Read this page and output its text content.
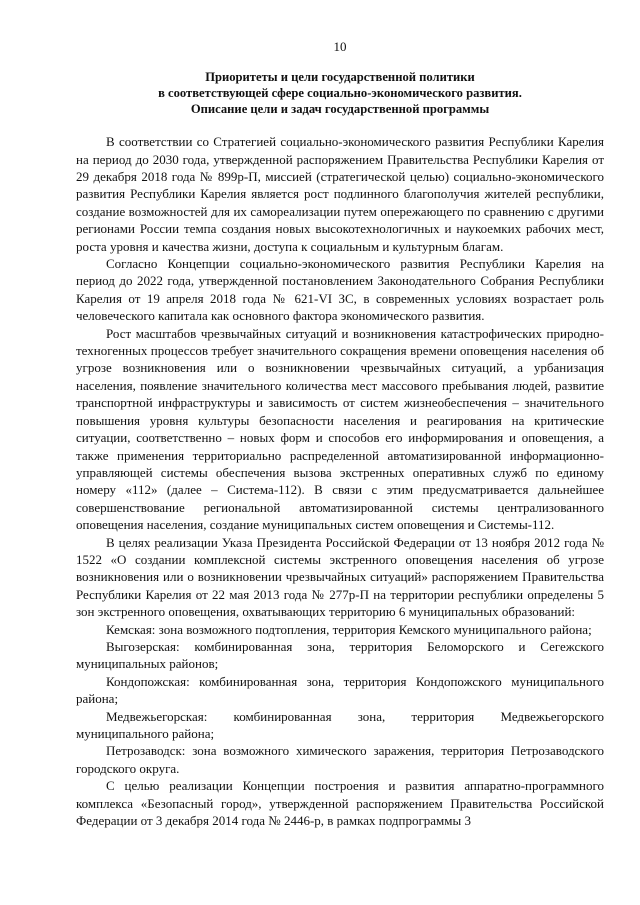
10
Приоритеты и цели государственной политики
в соответствующей сфере социально-экономического развития.
Описание цели и задач государственной программы

В соответствии со Стратегией социально-экономического развития Республики Карелия на период до 2030 года, утвержденной распоряжением Правительства Республики Карелия от 29 декабря 2018 года № 899р-П, миссией (стратегической целью) социально-экономического развития Республики Карелия является рост подлинного благополучия жителей республики, создание возможностей для их самореализации путем опережающего по сравнению с другими регионами России темпа создания новых высокотехнологичных и наукоемких рабочих мест, роста уровня и качества жизни, доступа к социальным и культурным благам.

Согласно Концепции социально-экономического развития Республики Карелия на период до 2022 года, утвержденной постановлением Законодательного Собрания Республики Карелия от 19 апреля 2018 года № 621-VI ЗС, в современных условиях возрастает роль человеческого капитала как основного фактора экономического развития.

Рост масштабов чрезвычайных ситуаций и возникновения катастрофических природно-техногенных процессов требует значительного сокращения времени оповещения населения об угрозе возникновения или о возникновении чрезвычайных ситуаций, а урбанизация населения, появление значительного количества мест массового пребывания людей, развитие транспортной инфраструктуры и зависимость от систем жизнеобеспечения – значительного повышения уровня культуры безопасности населения и реагирования на критические ситуации, соответственно – новых форм и способов его информирования и оповещения, а также применения территориально распределенной автоматизированной информационно-управляющей системы обеспечения вызова экстренных оперативных служб по единому номеру «112» (далее – Система-112). В связи с этим предусматривается дальнейшее совершенствование региональной автоматизированной системы централизованного оповещения населения, создание муниципальных систем оповещения и Системы-112.

В целях реализации Указа Президента Российской Федерации от 13 ноября 2012 года № 1522 «О создании комплексной системы экстренного оповещения населения об угрозе возникновения или о возникновении чрезвычайных ситуаций» распоряжением Правительства Республики Карелия от 22 мая 2013 года № 277р-П на территории республики определены 5 зон экстренного оповещения, охватывающих территорию 6 муниципальных образований:

Кемская: зона возможного подтопления, территория Кемского муниципального района;

Выгозерская: комбинированная зона, территория Беломорского и Сегежского муниципальных районов;

Кондопожская: комбинированная зона, территория Кондопожского муниципального района;

Медвежьегорская: комбинированная зона, территория Медвежьегорского муниципального района;

Петрозаводск: зона возможного химического заражения, территория Петрозаводского городского округа.

С целью реализации Концепции построения и развития аппаратно-программного комплекса «Безопасный город», утвержденной распоряжением Правительства Российской Федерации от 3 декабря 2014 года № 2446-р, в рамках подпрограммы 3
